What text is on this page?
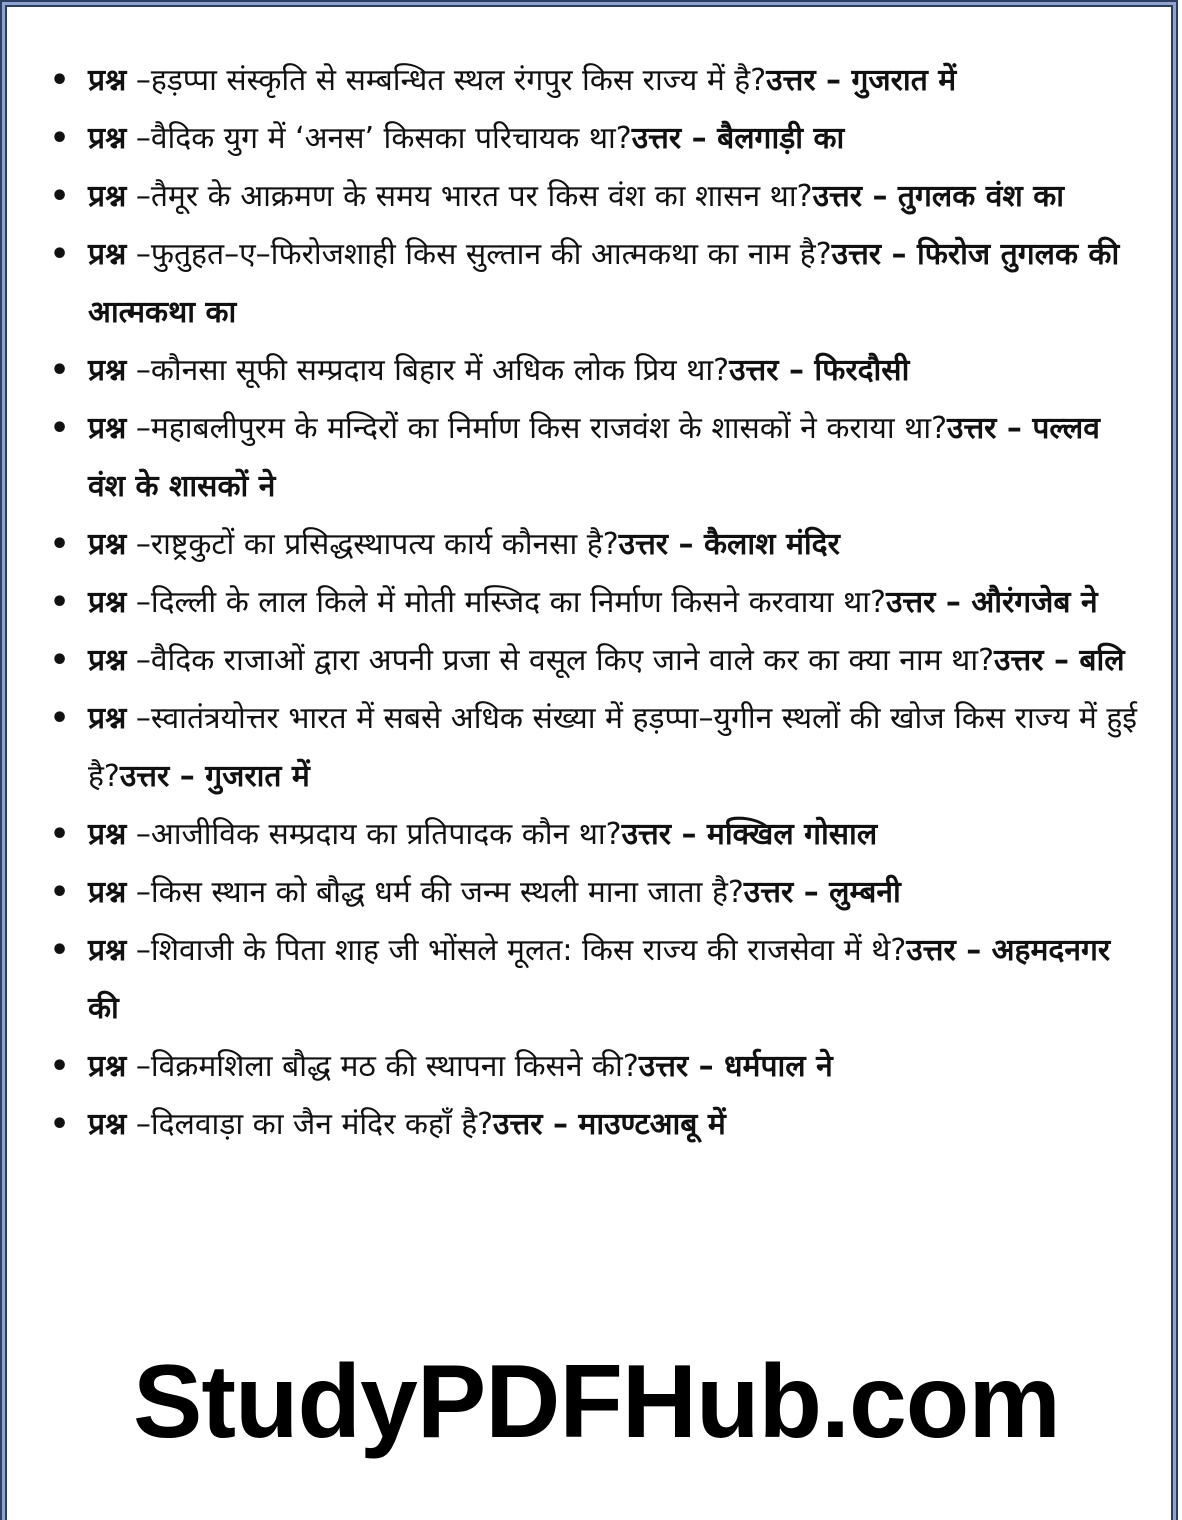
• प्रश्न –हड़प्पा संस्कृति से सम्बन्धित स्थल रंगपुर किस राज्य में है?उत्तर – गुजरात में
• प्रश्न –वैदिक युग में ‘अनस’ किसका परिचायक था?उत्तर – बैलगाड़ी का
• प्रश्न –तैमूर के आक्रमण के समय भारत पर किस वंश का शासन था?उत्तर – तुगलक वंश का
• प्रश्न –फुतुहत–ए–फिरोजशाही किस सुल्तान की आत्मकथा का नाम है?उत्तर – फिरोज तुगलक की आत्मकथा का
• प्रश्न –कौनसा सूफी सम्प्रदाय बिहार में अधिक लोक प्रिय था?उत्तर – फिरदौसी
• प्रश्न –महाबलीपुरम के मन्दिरों का निर्माण किस राजवंश के शासकों ने कराया था?उत्तर – पल्लव वंश के शासकों ने
• प्रश्न –राष्ट्रकुटों का प्रसिद्धस्थापत्य कार्य कौनसा है?उत्तर – कैलाश मंदिर
• प्रश्न –दिल्ली के लाल किले में मोती मस्जिद का निर्माण किसने करवाया था?उत्तर – औरंगजेब ने
• प्रश्न –वैदिक राजाओं द्वारा अपनी प्रजा से वसूल किए जाने वाले कर का क्या नाम था?उत्तर – बलि
• प्रश्न –स्वातंत्रयोत्तर भारत में सबसे अधिक संख्या में हड़प्पा–युगीन स्थलों की खोज किस राज्य में हुई है?उत्तर – गुजरात में
• प्रश्न –आजीविक सम्प्रदाय का प्रतिपादक कौन था?उत्तर – मक्खिल गोसाल
• प्रश्न –किस स्थान को बौद्ध धर्म की जन्म स्थली माना जाता है?उत्तर – लुम्बनी
• प्रश्न –शिवाजी के पिता शाह जी भोंसले मूलत: किस राज्य की राजसेवा में थे?उत्तर – अहमदनगर की
• प्रश्न –विक्रमशिला बौद्ध मठ की स्थापना किसने की?उत्तर – धर्मपाल ने
• प्रश्न –दिलवाड़ा का जैन मंदिर कहाँ है?उत्तर – माउण्टआबू में
StudyPDFHub.com
